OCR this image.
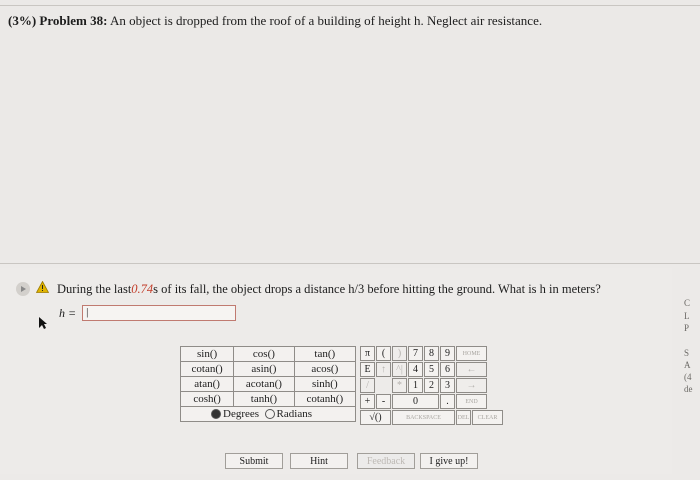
(3%) Problem 38: An object is dropped from the roof of a building of height h. Neglect air resistance.
During the last 0.74 s of its fall, the object drops a distance h/3 before hitting the ground. What is h in meters?
h = |
sin()	cos()	tan()
cotan()	asin()	acos()
atan()	acotan()	sinh()
cosh()	tanh()	cotanh()
Degrees Radians		
π	(	)	7	8	9	HOME
E	↑	^|	4	5	6	←
/	*	1	2	3	→
+	-	0	.	END
√()	BACKSPACE	DEL	CLEAR
Submit	Hint	Feedback	I give up!
C
L
P
S
A
(4
de
